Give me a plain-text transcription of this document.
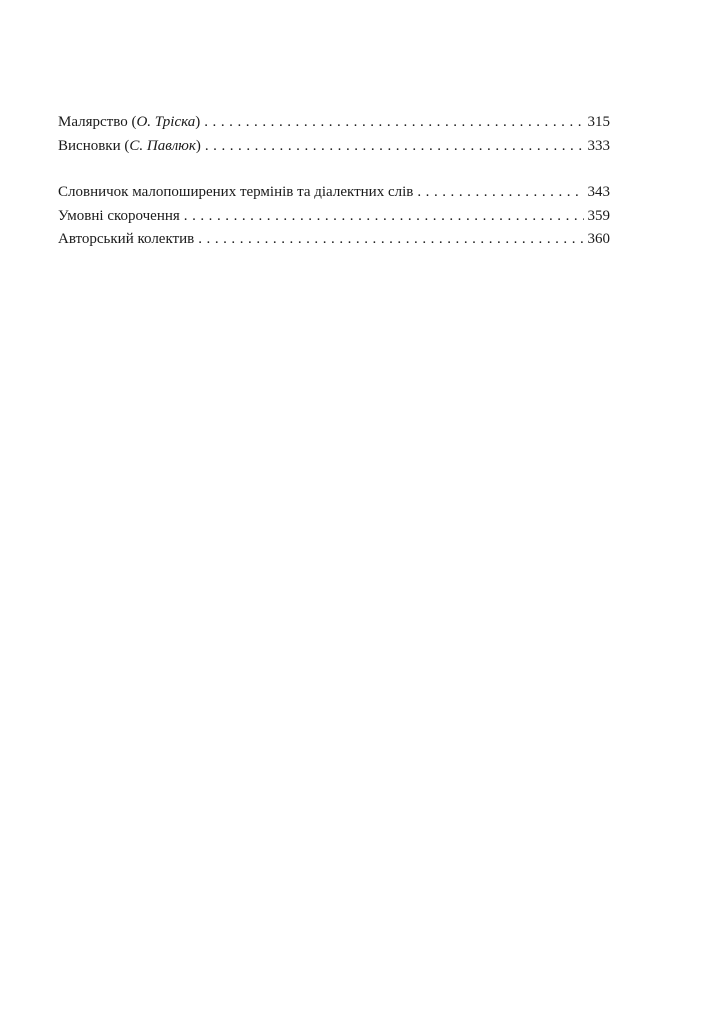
Малярство (О. Тріска) . . .	315
Висновки (С. Павлюк) . . .	333
Словничок малопоширених термінів та діалектних слів . . .	343
Умовні скорочення . . .	359
Авторський колектив . . .	360
